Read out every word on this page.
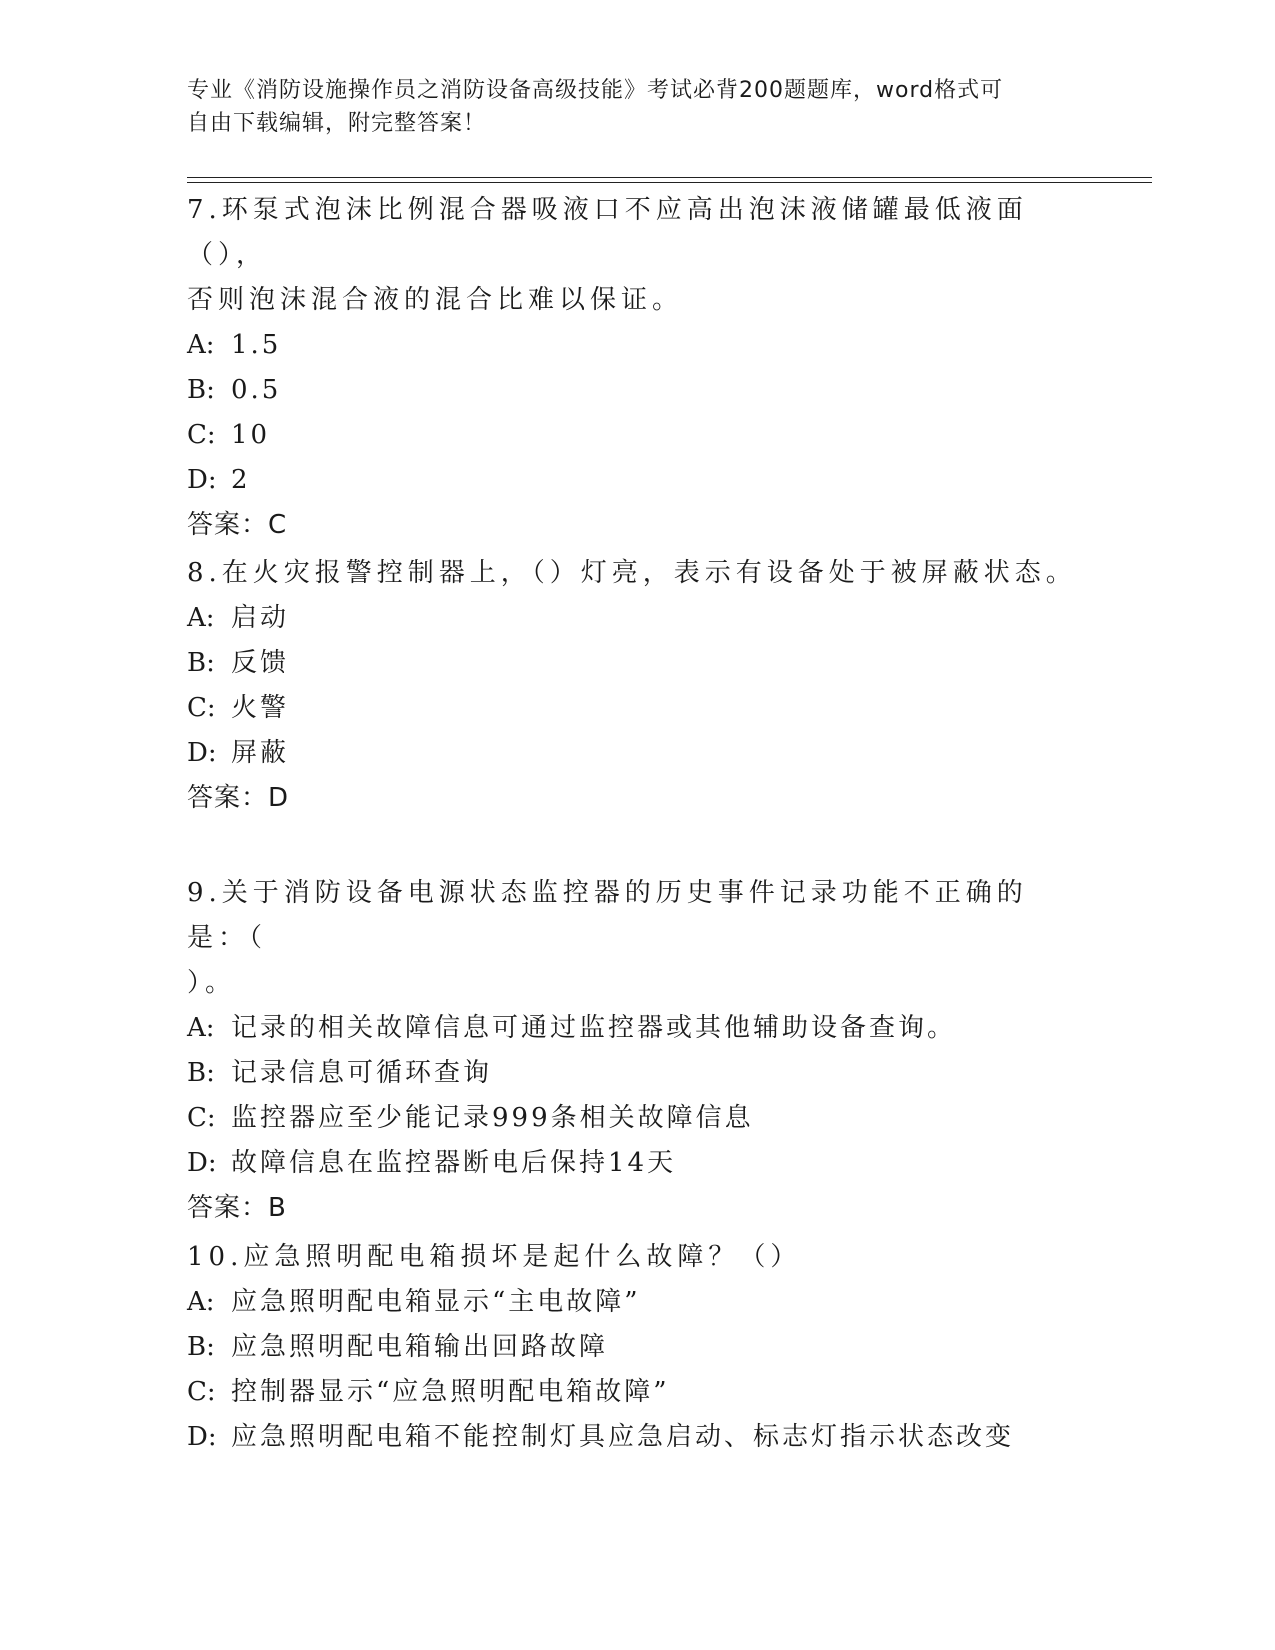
专业《消防设施操作员之消防设备高级技能》考试必背200题题库，word格式可
自由下载编辑，附完整答案！
7.环泵式泡沫比例混合器吸液口不应高出泡沫液储罐最低液面（），
否则泡沫混合液的混合比难以保证。
A: 1.5
B: 0.5
C: 10
D: 2
答案：C
8.在火灾报警控制器上，（）灯亮，表示有设备处于被屏蔽状态。
A: 启动
B: 反馈
C: 火警
D: 屏蔽
答案：D
9.关于消防设备电源状态监控器的历史事件记录功能不正确的是：（
）。
A: 记录的相关故障信息可通过监控器或其他辅助设备查询。
B: 记录信息可循环查询
C: 监控器应至少能记录999条相关故障信息
D: 故障信息在监控器断电后保持14天
答案：B
10.应急照明配电箱损坏是起什么故障？（）
A: 应急照明配电箱显示“主电故障”
B: 应急照明配电箱输出回路故障
C: 控制器显示“应急照明配电箱故障”
D: 应急照明配电箱不能控制灯具应急启动、标志灯指示状态改变
